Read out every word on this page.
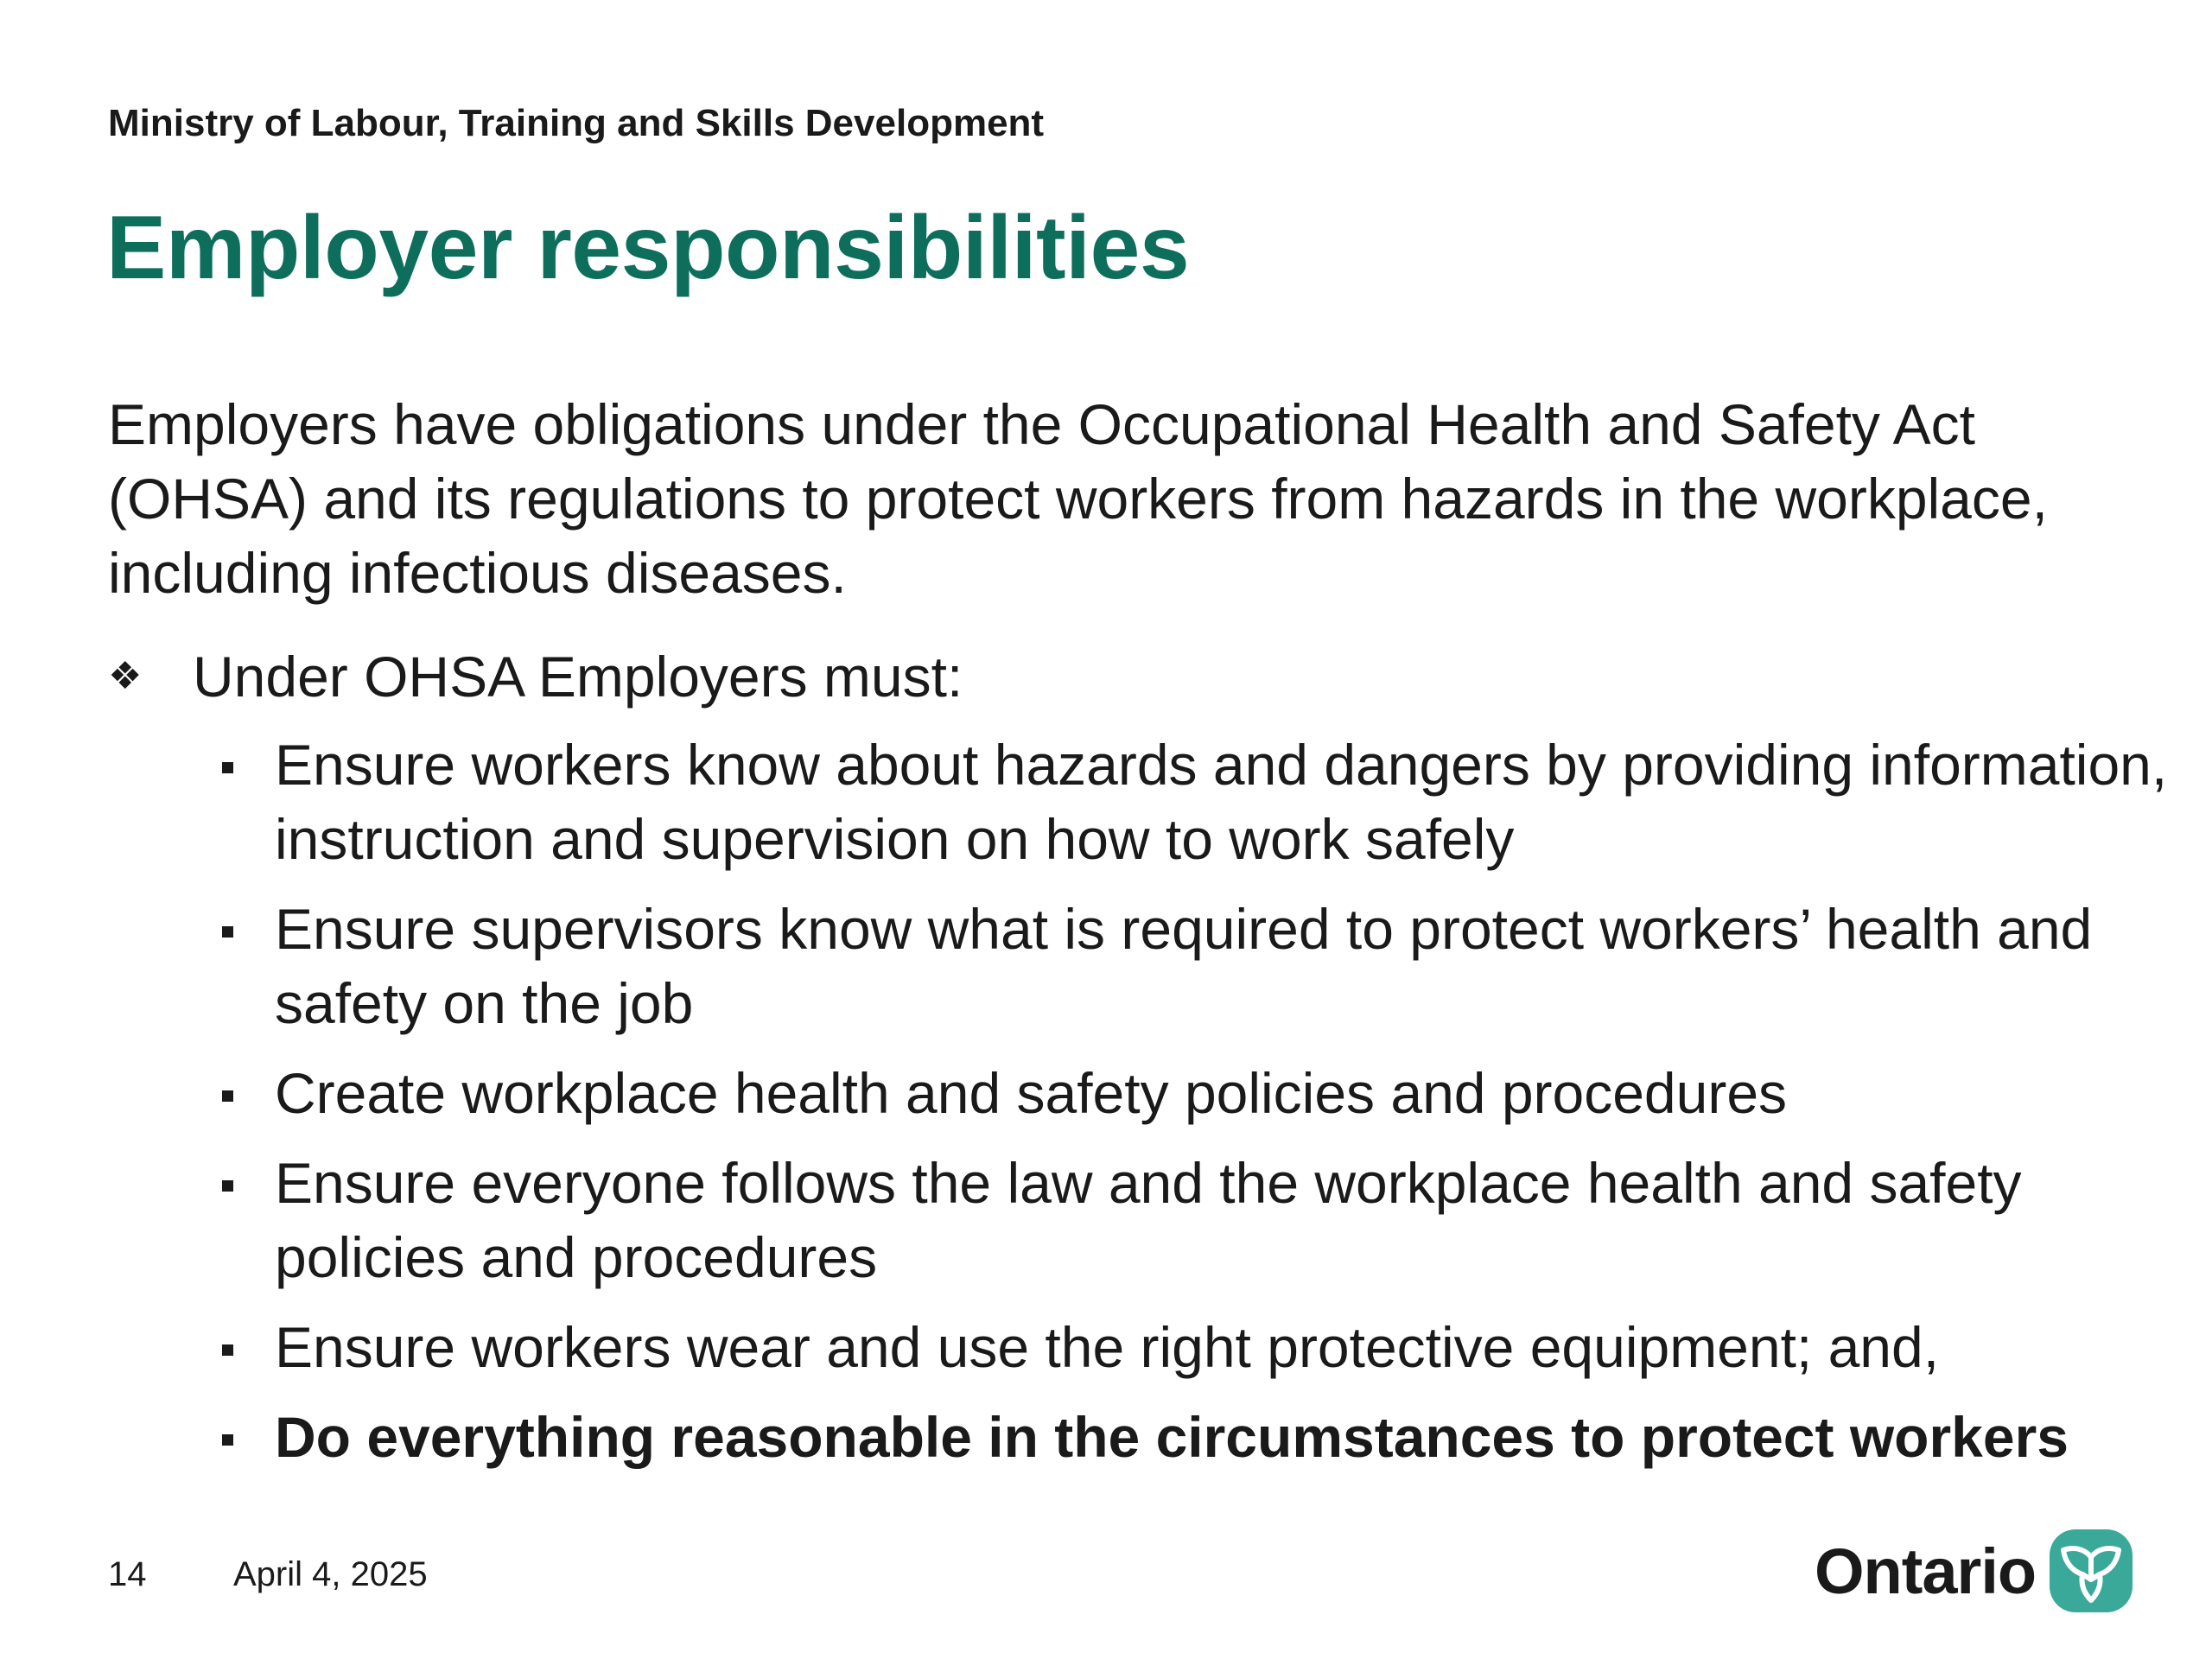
Ministry of Labour, Training and Skills Development
Employer responsibilities

Employers have obligations under the Occupational Health and Safety Act (OHSA) and its regulations to protect workers from hazards in the workplace, including infectious diseases.

❖ Under OHSA Employers must:
Ensure workers know about hazards and dangers by providing information, instruction and supervision on how to work safely
Ensure supervisors know what is required to protect workers’ health and safety on the job
Create workplace health and safety policies and procedures
Ensure everyone follows the law and the workplace health and safety policies and procedures
Ensure workers wear and use the right protective equipment; and,
Do everything reasonable in the circumstances to protect workers
14	April 4, 2025	Ontario
